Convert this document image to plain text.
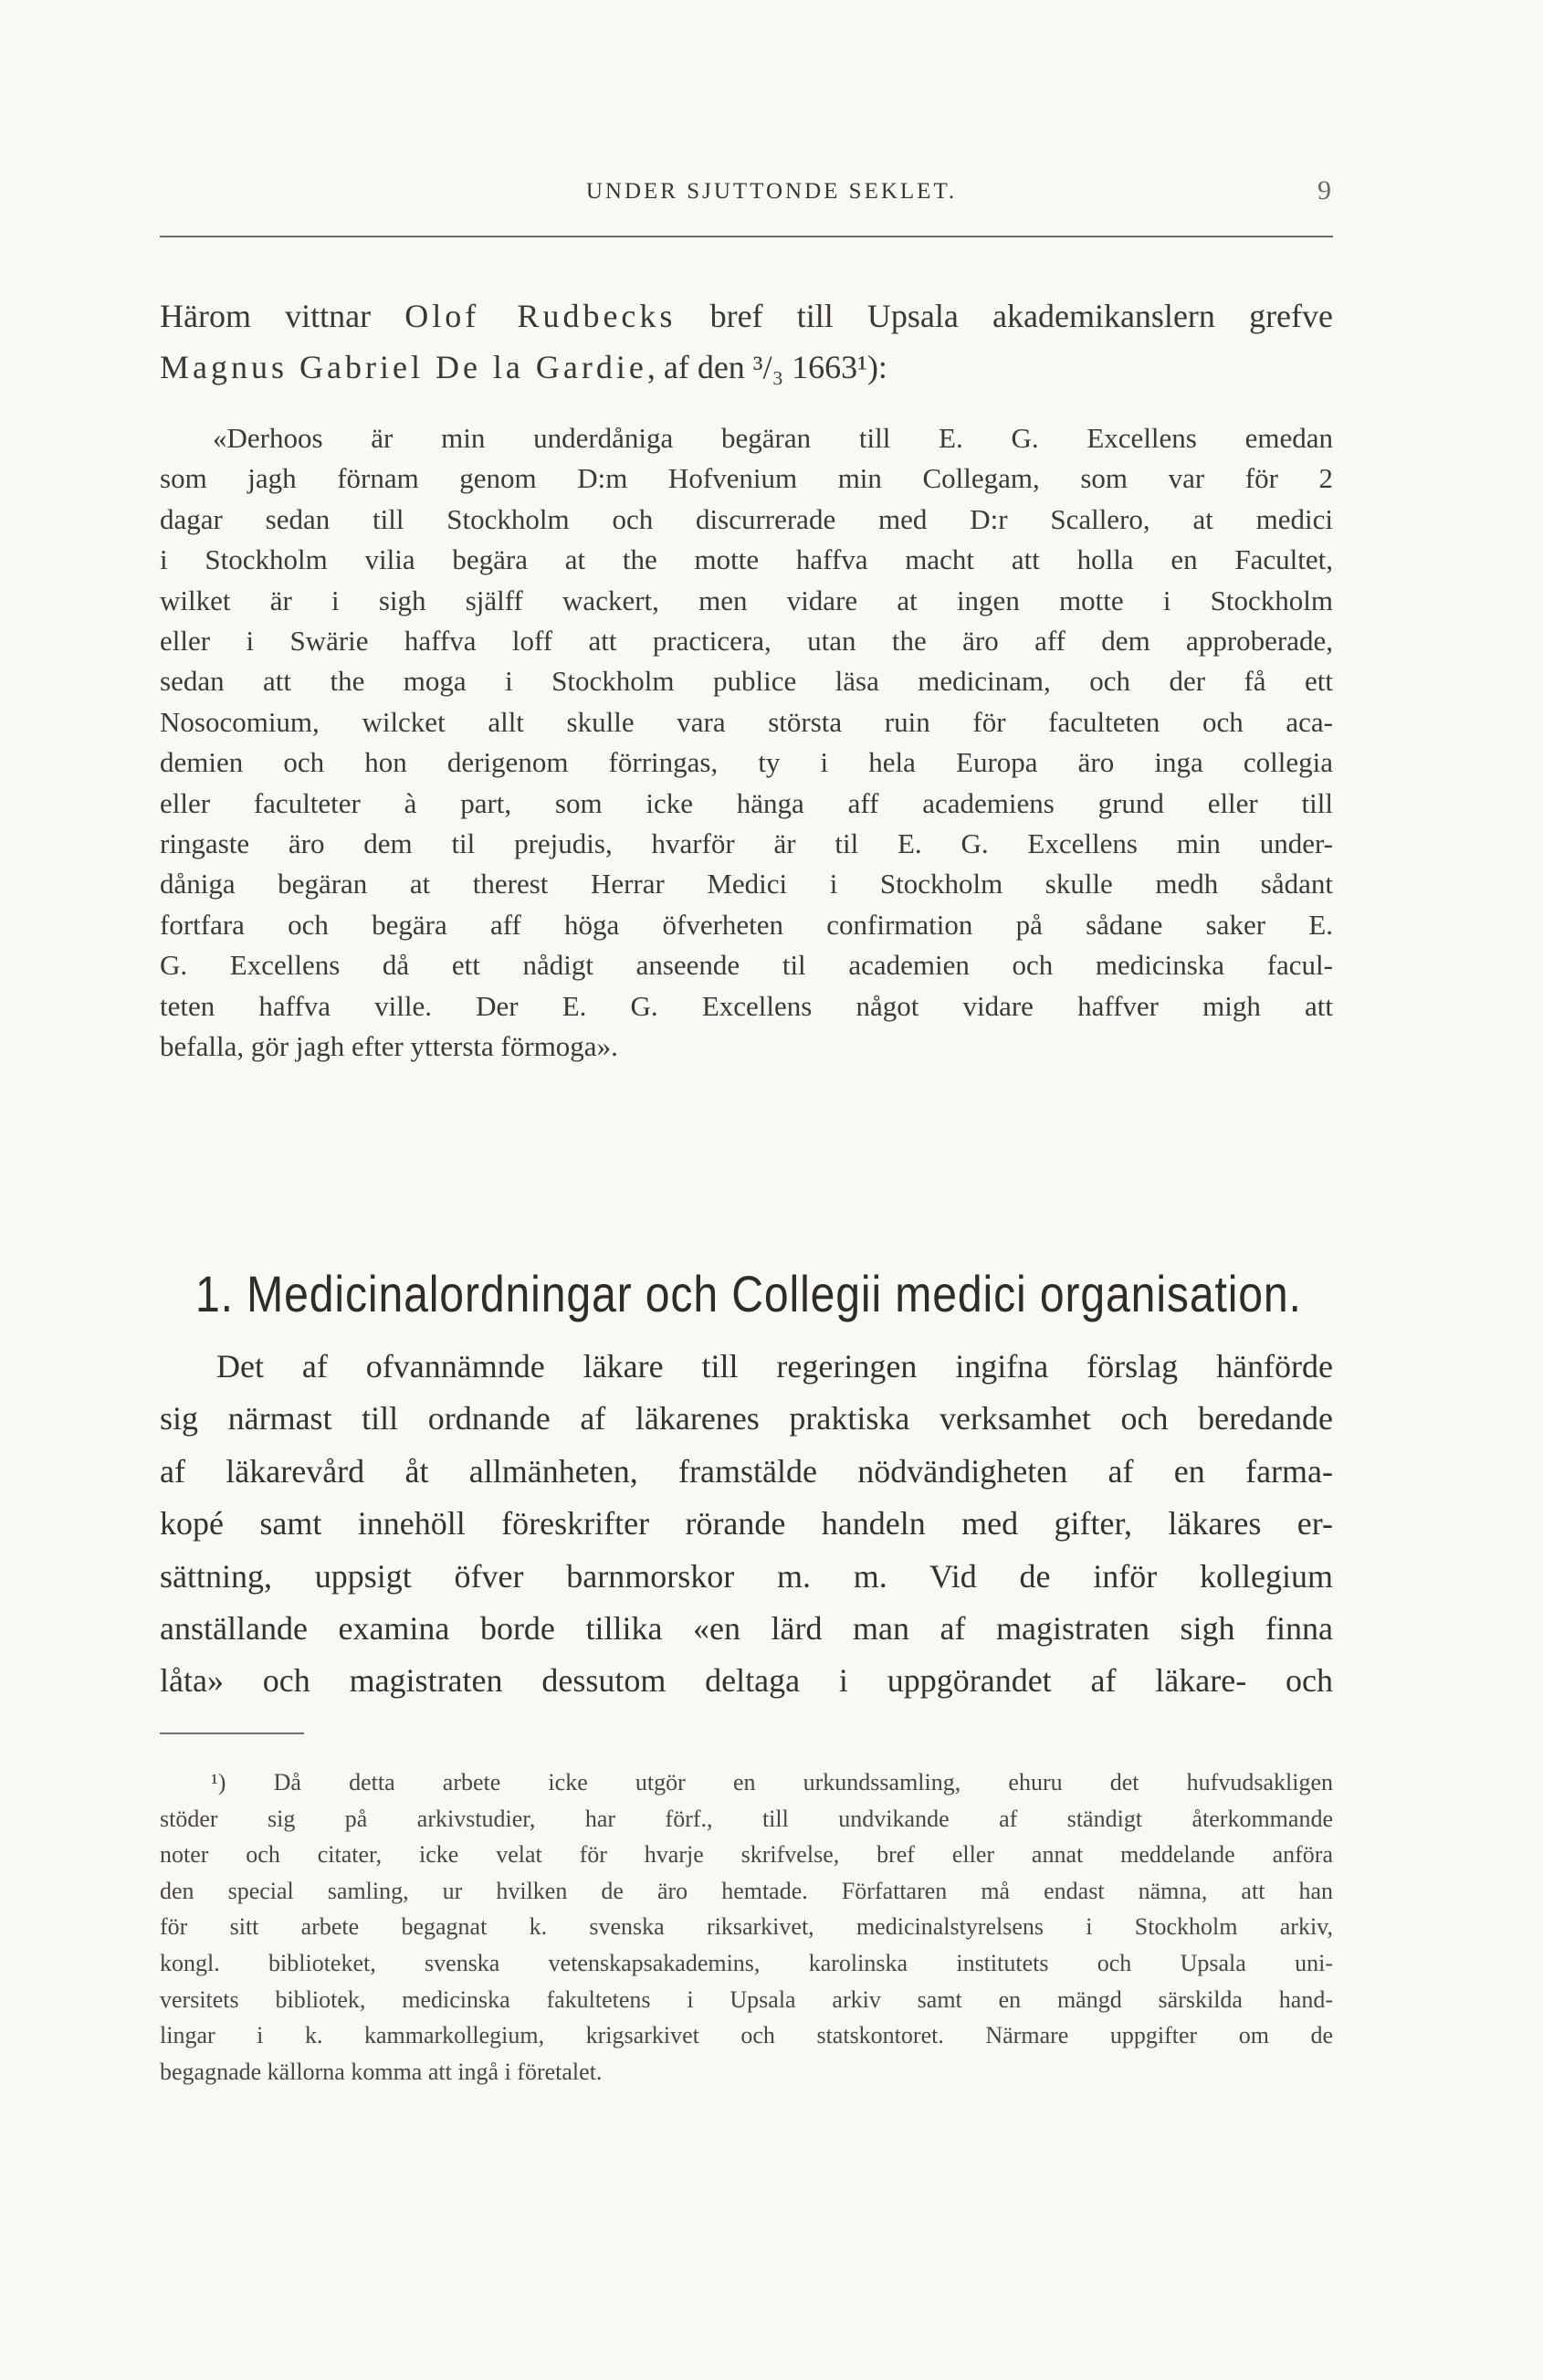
UNDER SJUTTONDE SEKLET.	9
Härom vittnar Olof Rudbecks bref till Upsala akademikanslern grefve
Magnus Gabriel De la Gardie, af den ³/₃ 1663¹):
«Derhoos är min underdåniga begäran till E. G. Excellens emedan
som jagh förnam genom D:m Hofvenium min Collegam, som var för 2
dagar sedan till Stockholm och discurrerade med D:r Scallero, at medici
i Stockholm vilia begära at the motte haffva macht att holla en Facultet,
wilket är i sigh själff wackert, men vidare at ingen motte i Stockholm
eller i Swärie haffva loff att practicera, utan the äro aff dem approberade,
sedan att the moga i Stockholm publice läsa medicinam, och der få ett
Nosocomium, wilcket allt skulle vara största ruin för faculteten och aca-
demien och hon derigenom förringas, ty i hela Europa äro inga collegia
eller faculteter à part, som icke hänga aff academiens grund eller till
ringaste äro dem til prejudis, hvarför är til E. G. Excellens min under-
dåniga begäran at therest Herrar Medici i Stockholm skulle medh sådant
fortfara och begära aff höga öfverheten confirmation på sådane saker E.
G. Excellens då ett nådigt anseende til academien och medicinska facul-
teten haffva ville. Der E. G. Excellens något vidare haffver migh att
befalla, gör jagh efter yttersta förmoga».
1. Medicinalordningar och Collegii medici organisation.
Det af ofvannämnde läkare till regeringen ingifna förslag hänförde
sig närmast till ordnande af läkarenes praktiska verksamhet och beredande
af läkarevård åt allmänheten, framstälde nödvändigheten af en farma-
kopé samt innehöll föreskrifter rörande handeln med gifter, läkares er-
sättning, uppsigt öfver barnmorskor m. m. Vid de inför kollegium
anställande examina borde tillika «en lärd man af magistraten sigh finna
låta» och magistraten dessutom deltaga i uppgörandet af läkare- och
¹) Då detta arbete icke utgör en urkundssamling, ehuru det hufvudsakligen
stöder sig på arkivstudier, har förf., till undvikande af ständigt återkommande
noter och citater, icke velat för hvarje skrifvelse, bref eller annat meddelande anföra
den special samling, ur hvilken de äro hemtade. Författaren må endast nämna, att han
för sitt arbete begagnat k. svenska riksarkivet, medicinalstyrelsens i Stockholm arkiv,
kongl. biblioteket, svenska vetenskapsakademins, karolinska institutets och Upsala uni-
versitets bibliotek, medicinska fakultetens i Upsala arkiv samt en mängd särskilda hand-
lingar i k. kammarkollegium, krigsarkivet och statskontoret. Närmare uppgifter om de
begagnade källorna komma att ingå i företalet.
